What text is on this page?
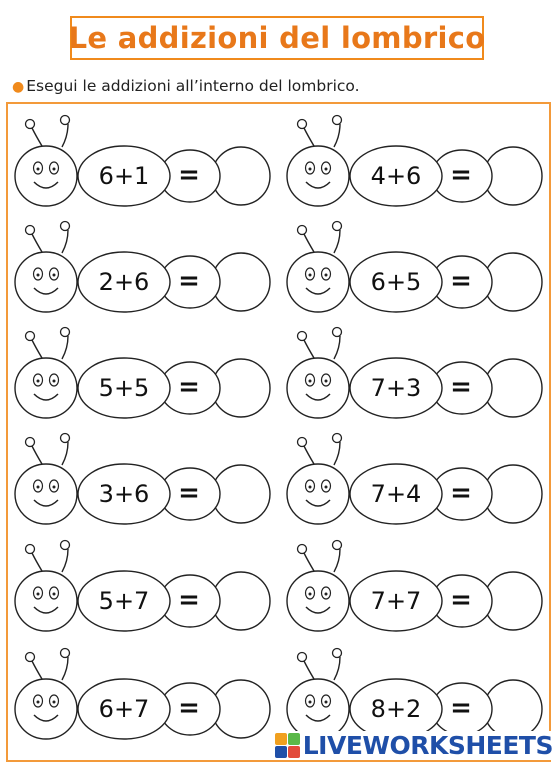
Le addizioni del lombrico
● Esegui le addizioni all’interno del lombrico.
6+1 =	4+6 =
2+6 =	6+5 =
5+5 =	7+3 =
3+6 =	7+4 =
5+7 =	7+7 =
6+7 =	8+2 =
LIVEWORKSHEETS
